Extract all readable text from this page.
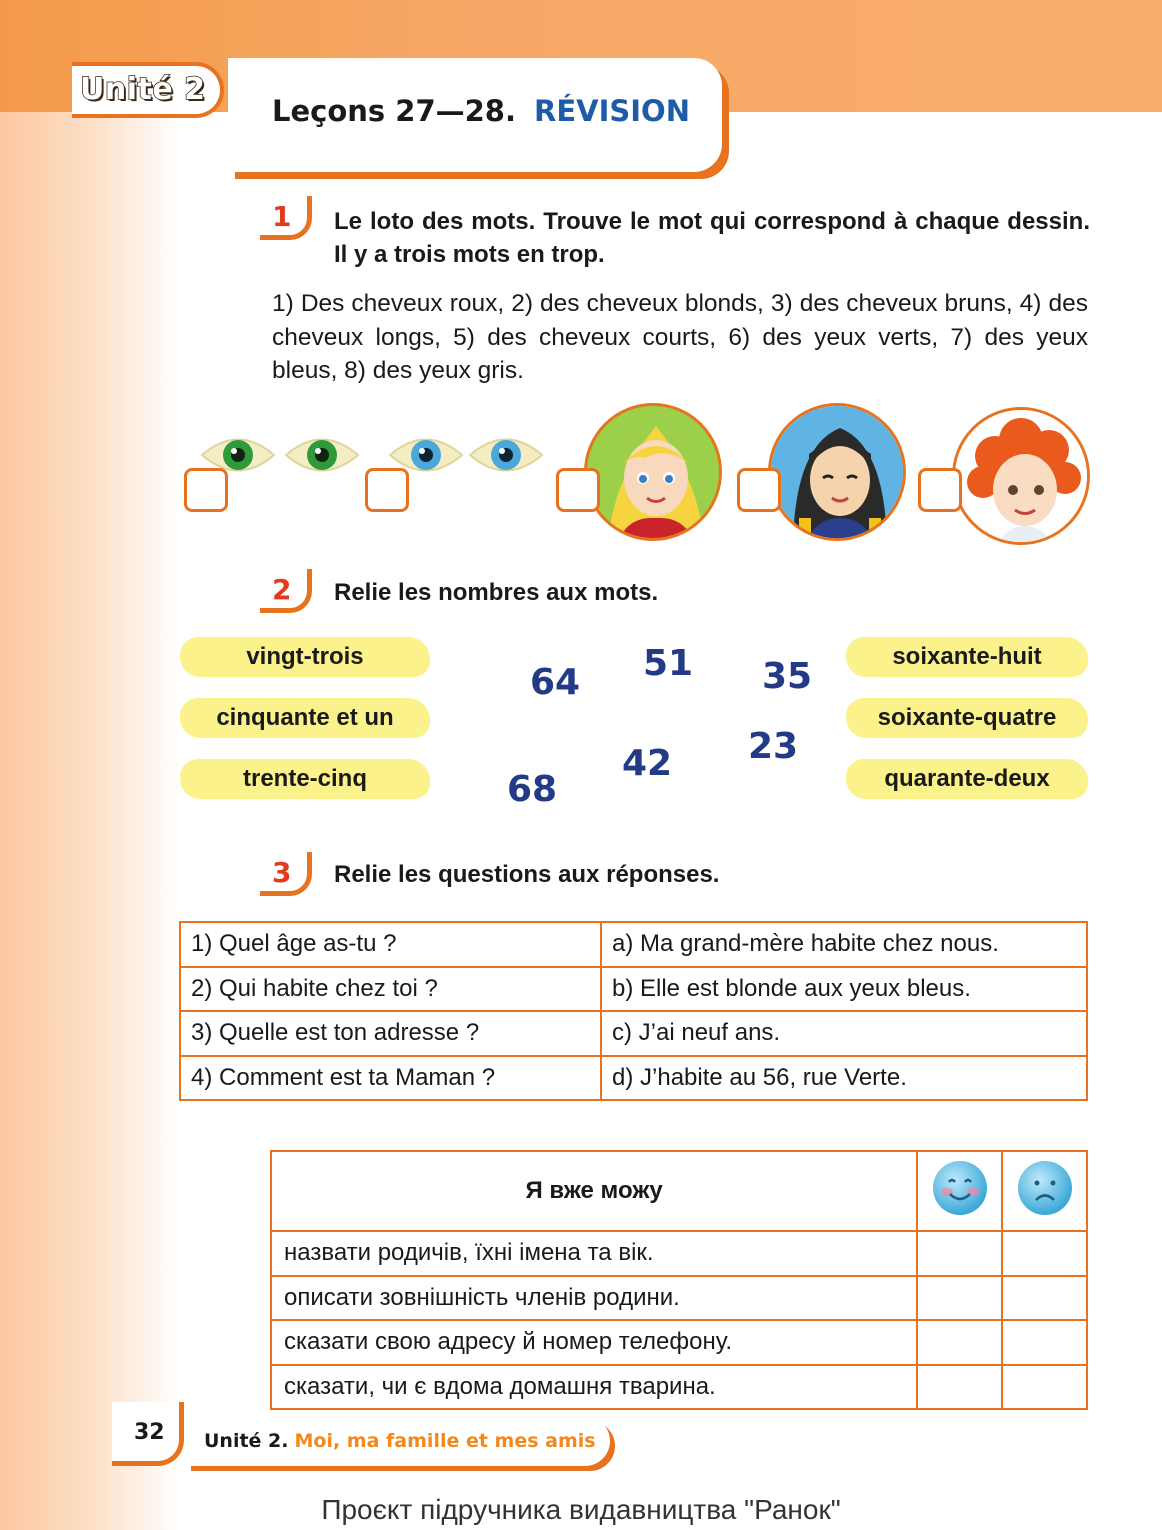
Unité 2
Leçons 27—28. RÉVISION
1 Le loto des mots. Trouve le mot qui correspond à chaque dessin. Il y a trois mots en trop.
1) Des cheveux roux, 2) des cheveux blonds, 3) des cheveux bruns, 4) des cheveux longs, 5) des cheveux courts, 6) des yeux verts, 7) des yeux bleus, 8) des yeux gris.
2 Relie les nombres aux mots.
vingt-trois
cinquante et un
trente-cinq
soixante-huit
soixante-quatre
quarante-deux
64 51 35
23
42
68
3 Relie les questions aux réponses.
1) Quel âge as-tu ?	a) Ma grand-mère habite chez nous.
2) Qui habite chez toi ?	b) Elle est blonde aux yeux bleus.
3) Quelle est ton adresse ?	c) J’ai neuf ans.
4) Comment est ta Maman ?	d) J’habite au 56, rue Verte.
Я вже можу		
назвати родичів, їхні імена та вік.		
описати зовнішність членів родини.		
сказати свою адресу й номер телефону.		
сказати, чи є вдома домашня тварина.		
32 Unité 2. Moi, ma famille et mes amis
Проєкт підручника видавництва "Ранок"
